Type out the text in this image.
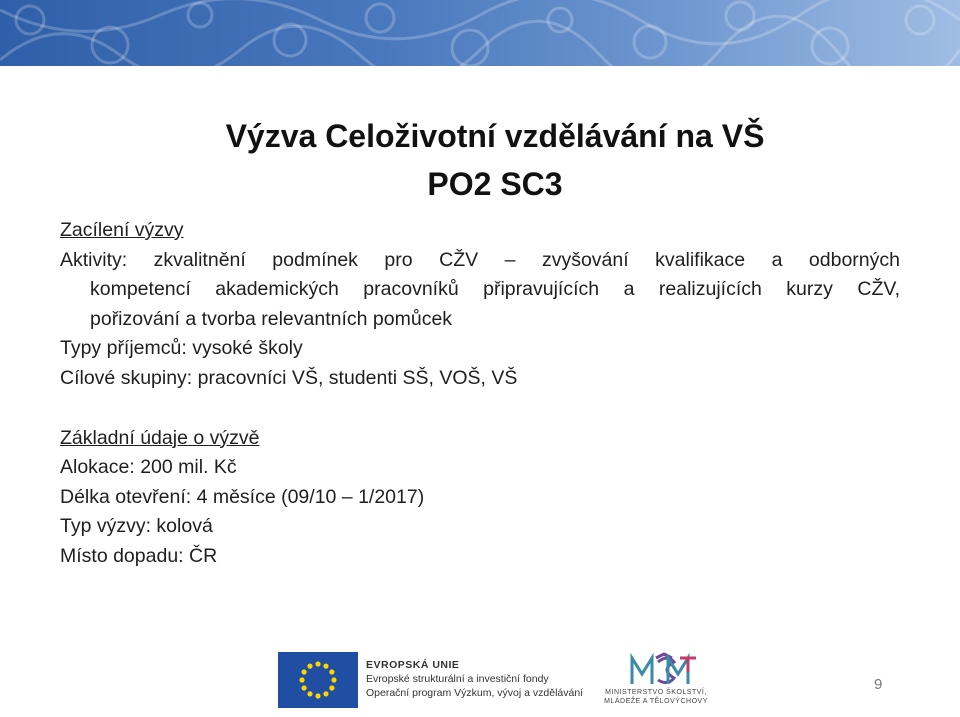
Výzva Celoživotní vzdělávání na VŠ
PO2 SC3
Zacílení výzvy
Aktivity: zkvalitnění podmínek pro CŽV – zvyšování kvalifikace a odborných
kompetencí akademických pracovníků připravujících a realizujících kurzy CŽV,
pořizování a tvorba relevantních pomůcek
Typy příjemců: vysoké školy
Cílové skupiny: pracovníci VŠ, studenti SŠ, VOŠ, VŠ
Základní údaje o výzvě
Alokace: 200 mil. Kč
Délka otevření: 4 měsíce (09/10 – 1/2017)
Typ výzvy: kolová
Místo dopadu: ČR
EVROPSKÁ UNIE
Evropské strukturální a investiční fondy
Operační program Výzkum, vývoj a vzdělávání	MINISTERSTVO ŠKOLSTVÍ,
MLÁDEŽE A TĚLOVÝCHOVY
9
